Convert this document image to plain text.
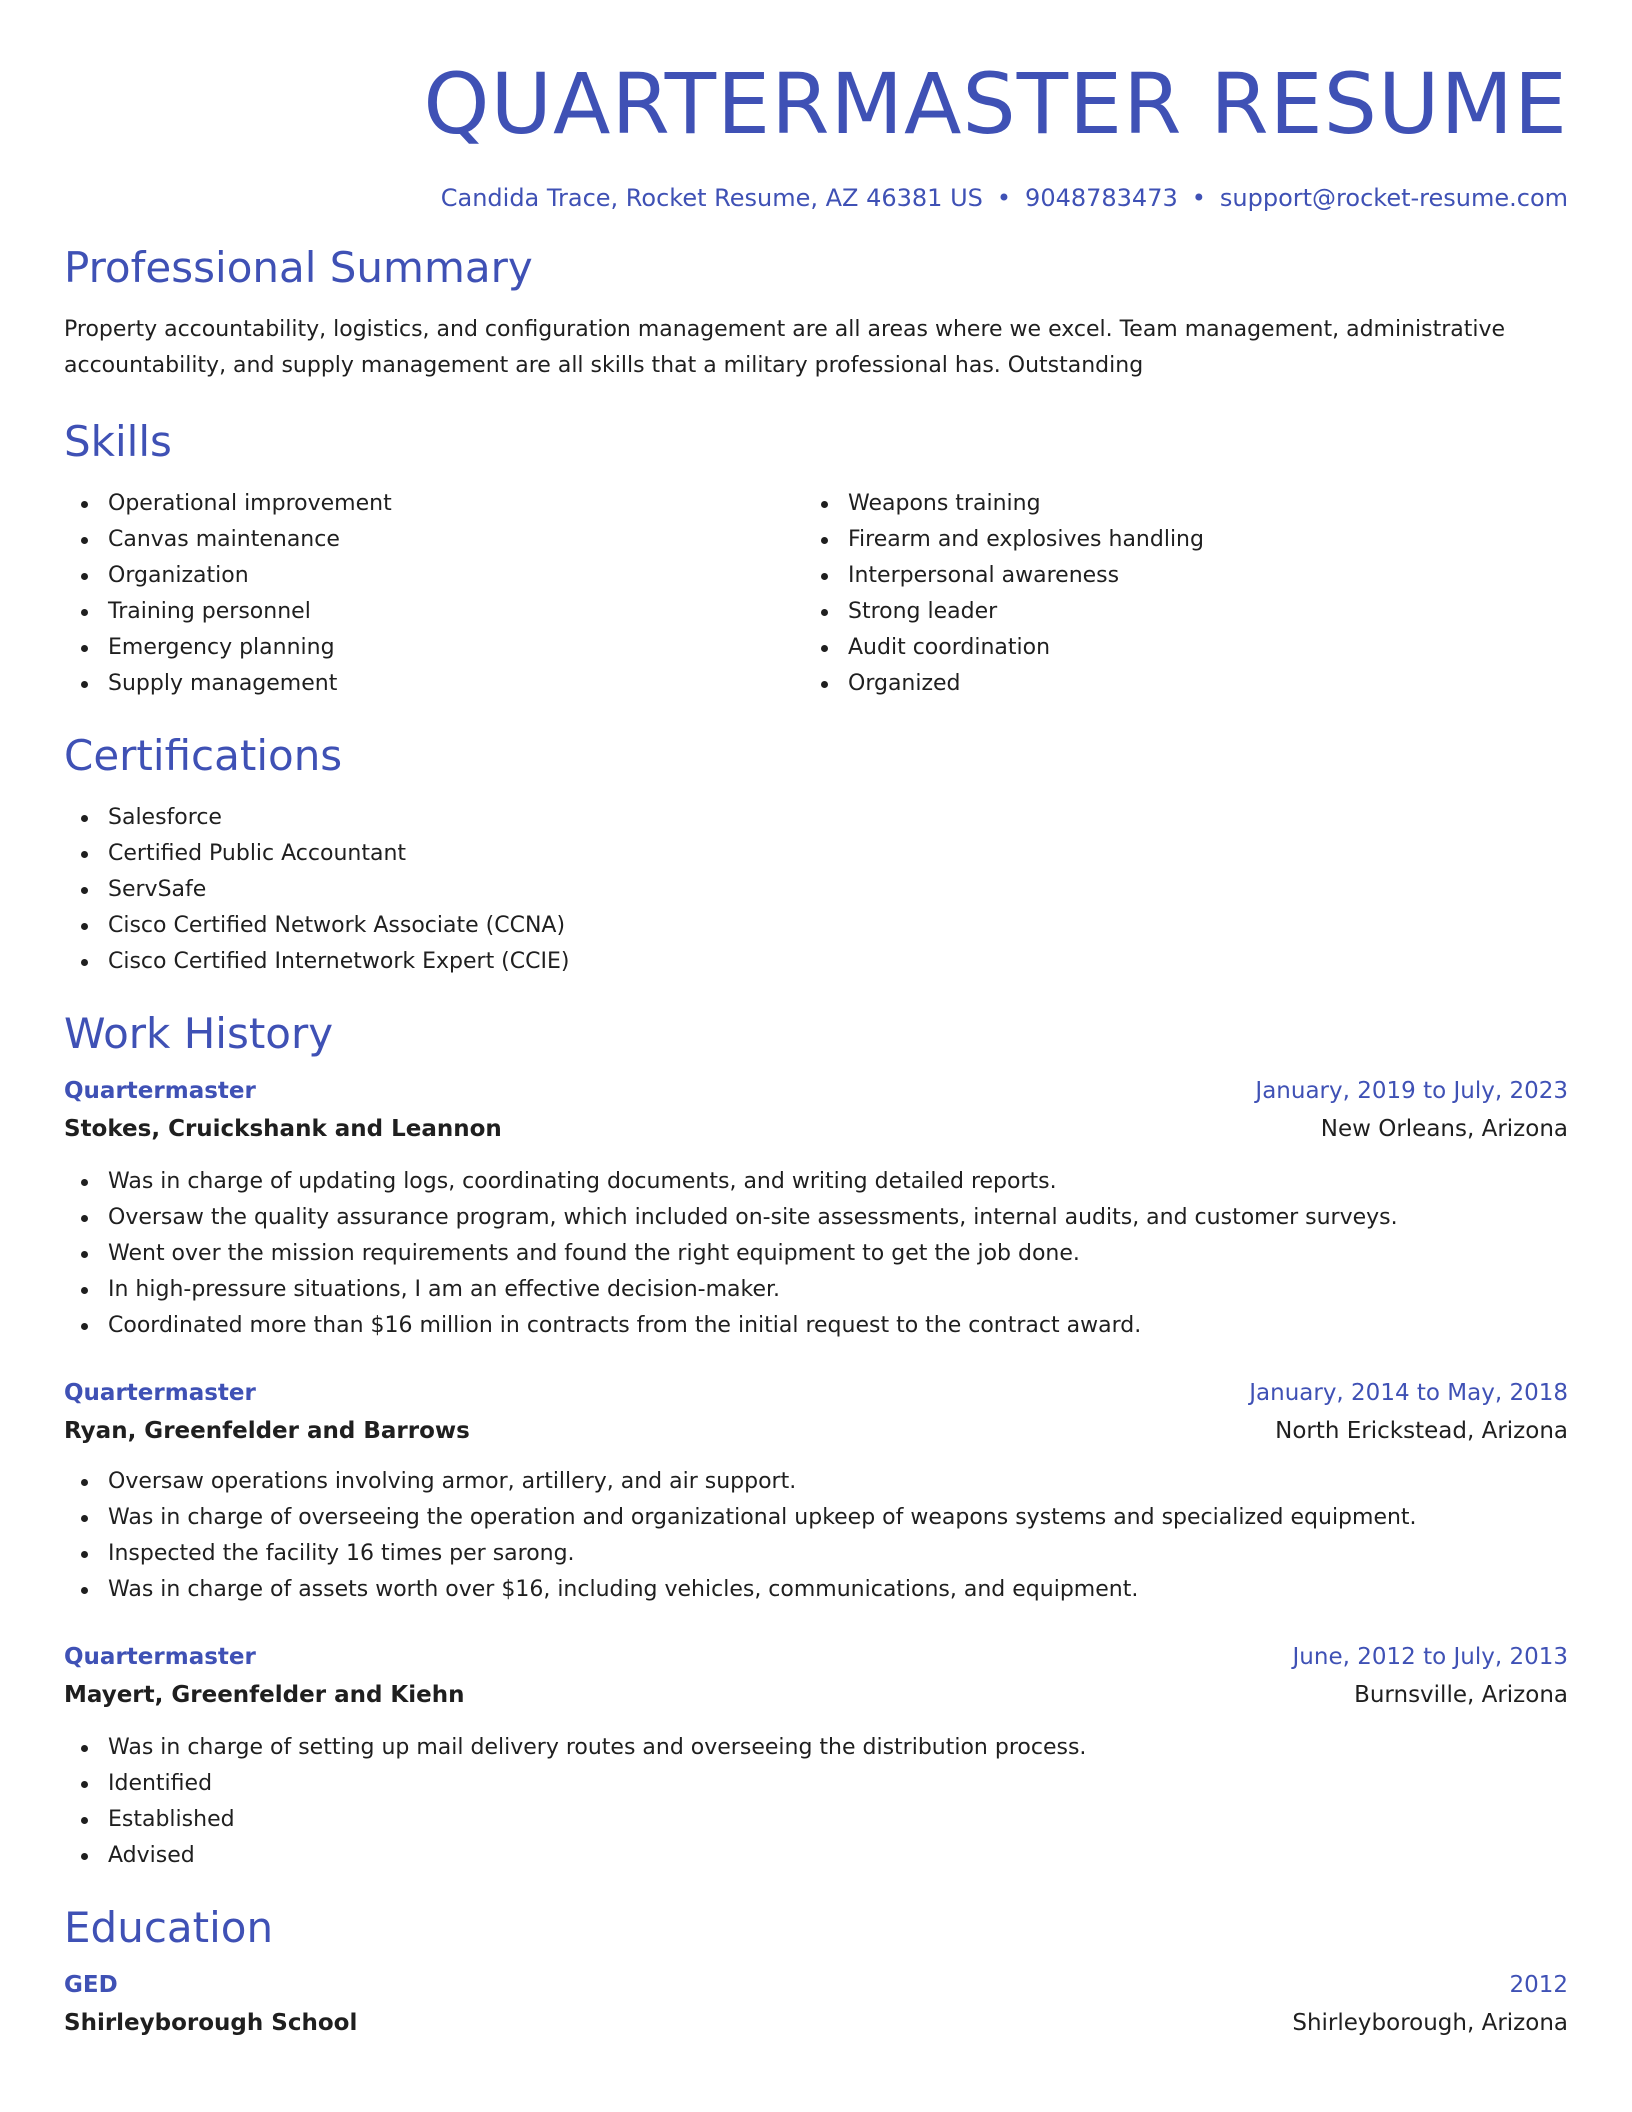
QUARTERMASTER RESUME
Candida Trace, Rocket Resume, AZ 46381 US • 9048783473 • support@rocket-resume.com
Professional Summary

Property accountability, logistics, and configuration management are all areas where we excel. Team management, administrative accountability, and supply management are all skills that a military professional has. Outstanding

Skills
Operational improvement
Canvas maintenance
Organization
Training personnel
Emergency planning
Supply management
Weapons training
Firearm and explosives handling
Interpersonal awareness
Strong leader
Audit coordination
Organized
Certifications
Salesforce
Certified Public Accountant
ServSafe
Cisco Certified Network Associate (CCNA)
Cisco Certified Internetwork Expert (CCIE)
Work History
Quartermaster	January, 2019 to July, 2023
Stokes, Cruickshank and Leannon	New Orleans, Arizona
Was in charge of updating logs, coordinating documents, and writing detailed reports.
Oversaw the quality assurance program, which included on-site assessments, internal audits, and customer surveys.
Went over the mission requirements and found the right equipment to get the job done.
In high-pressure situations, I am an effective decision-maker.
Coordinated more than $16 million in contracts from the initial request to the contract award.
Quartermaster	January, 2014 to May, 2018
Ryan, Greenfelder and Barrows	North Erickstead, Arizona
Oversaw operations involving armor, artillery, and air support.
Was in charge of overseeing the operation and organizational upkeep of weapons systems and specialized equipment.
Inspected the facility 16 times per sarong.
Was in charge of assets worth over $16, including vehicles, communications, and equipment.
Quartermaster	June, 2012 to July, 2013
Mayert, Greenfelder and Kiehn	Burnsville, Arizona
Was in charge of setting up mail delivery routes and overseeing the distribution process.
Identified
Established
Advised
Education
GED	2012
Shirleyborough School	Shirleyborough, Arizona
